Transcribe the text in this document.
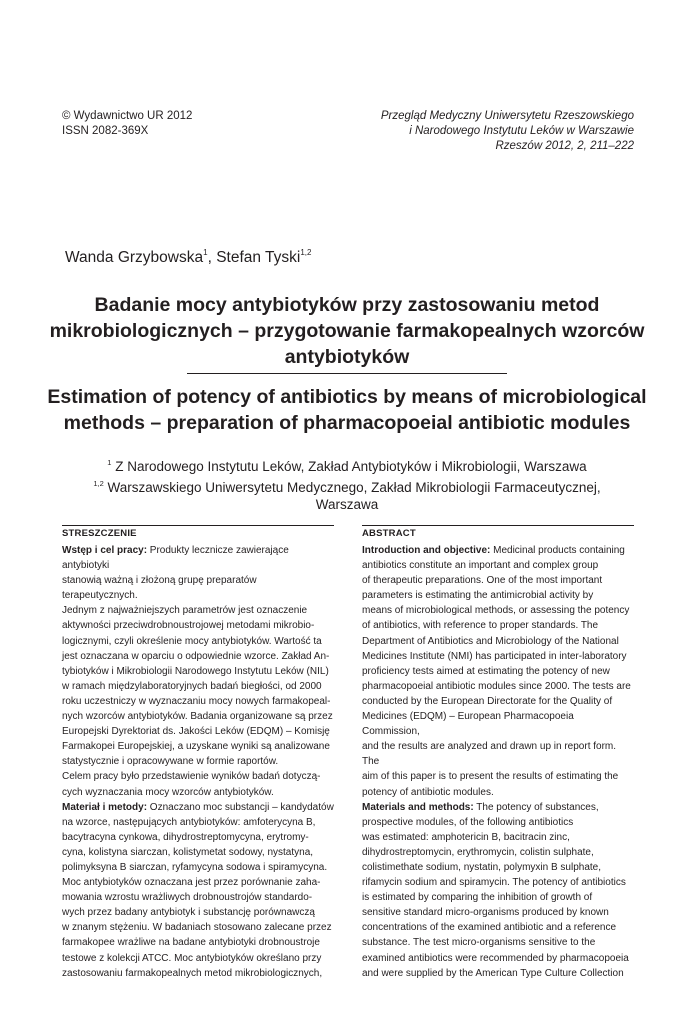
© Wydawnictwo UR 2012
ISSN 2082-369X
Przegląd Medyczny Uniwersytetu Rzeszowskiego
i Narodowego Instytutu Leków w Warszawie
Rzeszów 2012, 2, 211–222
Wanda Grzybowska$^1$, Stefan Tyski$^{1,2}$
Badanie mocy antybiotyków przy zastosowaniu metod
mikrobiologicznych – przygotowanie farmakopealnych wzorców
antybiotyków
Estimation of potency of antibiotics by means of microbiological
methods – preparation of pharmacopoeial antibiotic modules
$^1$ Z Narodowego Instytutu Leków, Zakład Antybiotyków i Mikrobiologii, Warszawa
$^{1,2}$ Warszawskiego Uniwersytetu Medycznego, Zakład Mikrobiologii Farmaceutycznej,
Warszawa
STRESZCZENIE

Wstęp i cel pracy: Produkty lecznicze zawierające antybiotyki

stanowią ważną i złożoną grupę preparatów terapeutycznych.

Jednym z najważniejszych parametrów jest oznaczenie

aktywności przeciwdrobnoustrojowej metodami mikrobio-

logicznymi, czyli określenie mocy antybiotyków. Wartość ta

jest oznaczana w oparciu o odpowiednie wzorce. Zakład An-

tybiotyków i Mikrobiologii Narodowego Instytutu Leków (NIL)

w ramach międzylaboratoryjnych badań biegłości, od 2000

roku uczestniczy w wyznaczaniu mocy nowych farmakopeal-

nych wzorców antybiotyków. Badania organizowane są przez

Europejski Dyrektoriat ds. Jakości Leków (EDQM) – Komisję

Farmakopei Europejskiej, a uzyskane wyniki są analizowane

statystycznie i opracowywane w formie raportów.

Celem pracy było przedstawienie wyników badań dotyczą-

cych wyznaczania mocy wzorców antybiotyków.

Materiał i metody: Oznaczano moc substancji – kandydatów

na wzorce, następujących antybiotyków: amfoterycyna B,

bacytracyna cynkowa, dihydrostreptomycyna, erytromy-

cyna, kolistyna siarczan, kolistymetat sodowy, nystatyna,

polimyksyna B siarczan, ryfamycyna sodowa i spiramycyna.

Moc antybiotyków oznaczana jest przez porównanie zaha-

mowania wzrostu wrażliwych drobnoustrojów standardo-

wych przez badany antybiotyk i substancję porównawczą

w znanym stężeniu. W badaniach stosowano zalecane przez

farmakopee wrażliwe na badane antybiotyki drobnoustroje

testowe z kolekcji ATCC. Moc antybiotyków określano przy

zastosowaniu farmakopealnych metod mikrobiologicznych,

ABSTRACT

Introduction and objective: Medicinal products containing

antibiotics constitute an important and complex group

of therapeutic preparations. One of the most important

parameters is estimating the antimicrobial activity by

means of microbiological methods, or assessing the potency

of antibiotics, with reference to proper standards. The

Department of Antibiotics and Microbiology of the National

Medicines Institute (NMI) has participated in inter-laboratory

proficiency tests aimed at estimating the potency of new

pharmacopoeial antibiotic modules since 2000. The tests are

conducted by the European Directorate for the Quality of

Medicines (EDQM) – European Pharmacopoeia Commission,

and the results are analyzed and drawn up in report form. The

aim of this paper is to present the results of estimating the

potency of antibiotic modules.

Materials and methods: The potency of substances,

prospective modules, of the following antibiotics

was estimated: amphotericin B, bacitracin zinc,

dihydrostreptomycin, erythromycin, colistin sulphate,

colistimethate sodium, nystatin, polymyxin B sulphate,

rifamycin sodium and spiramycin. The potency of antibiotics

is estimated by comparing the inhibition of growth of

sensitive standard micro-organisms produced by known

concentrations of the examined antibiotic and a reference

substance. The test micro-organisms sensitive to the

examined antibiotics were recommended by pharmacopoeia

and were supplied by the American Type Culture Collection
